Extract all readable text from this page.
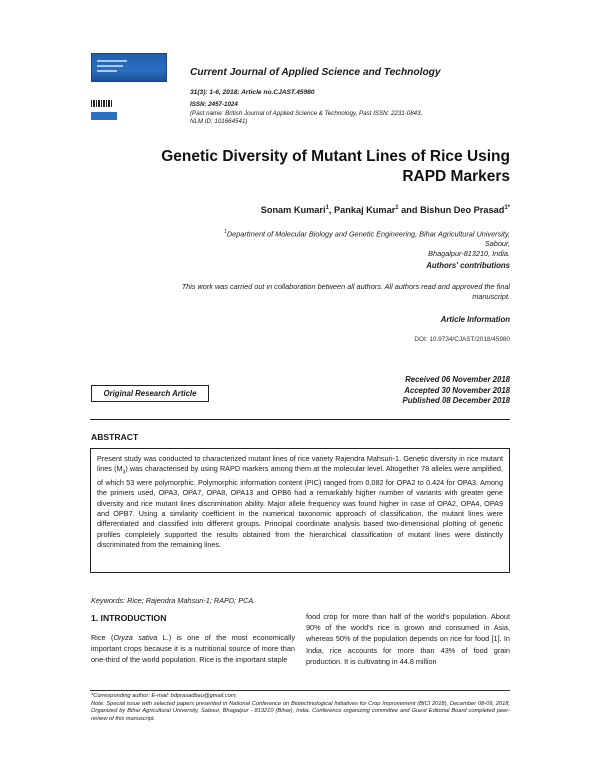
Current Journal of Applied Science and Technology
31(3): 1-6, 2018; Article no.CJAST.45980
ISSN: 2457-1024
(Past name: British Journal of Applied Science & Technology, Past ISSN: 2231-0843,
NLM ID: 101664541)
Genetic Diversity of Mutant Lines of Rice Using
RAPD Markers
Sonam Kumari$^1$, Pankaj Kumar$^1$ and Bishun Deo Prasad$^{1*}$
$^1$Department of Molecular Biology and Genetic Engineering, Bihar Agricultural University, Sabour,
Bhagalpur-813210, India.
Authors' contributions
This work was carried out in collaboration between all authors. All authors read and approved the final
manuscript.
Article Information
DOI: 10.9734/CJAST/2018/45980
Original Research Article
Received 06 November 2018
Accepted 30 November 2018
Published 08 December 2018
ABSTRACT
Present study was conducted to characterized mutant lines of rice variety Rajendra Mahsuri-1. Genetic diversity in rice mutant lines $(M_3)$ was characterised by using RAPD markers among them at the molecular level. Altogether 78 alleles were amplified, of which 53 were polymorphic. Polymorphic information content (PIC) ranged from 0.082 for OPA2 to 0.424 for OPA3. Among the primers used, OPA3, OPA7, OPA8, OPA13 and OPB6 had a remarkably higher number of variants with greater gene diversity and rice mutant lines discrimination ability. Major allele frequency was found higher in case of OPA2, OPA4, OPA9 and OPB7. Using a similarity coefficient in the numerical taxonomic approach of classification, the mutant lines were differentiated and classified into different groups. Principal coordinate analysis based two-dimensional plotting of genetic profiles completely supported the results obtained from the hierarchical classification of mutant lines were distinctly discriminated from the remaining lines.
Keywords: Rice; Rajendra Mahsuri-1; RAPD; PCA.
1. INTRODUCTION
Rice (Oryza sativa L.) is one of the most economically important crops because it is a nutritional source of more than one-third of the world population. Rice is the important staple
food crop for more than half of the world's population. About 90% of the world's rice is grown and consumed in Asia, whereas 50% of the population depends on rice for food [1]. In India, rice accounts for more than 43% of food grain production. It is cultivating in 44.8 million
*Corresponding author: E-mail: bdprasadbau@gmail.com;
Note: Special issue with selected papers presented in National Conference on Biotechnological Initiatives for Crop Improvement (BICI 2018), December 08-09, 2018, Organized by Bihar Agricultural University, Sabour, Bhagalpur - 813210 (Bihar), India. Conference organizing committee and Guest Editorial Board completed peer-review of this manuscript.
